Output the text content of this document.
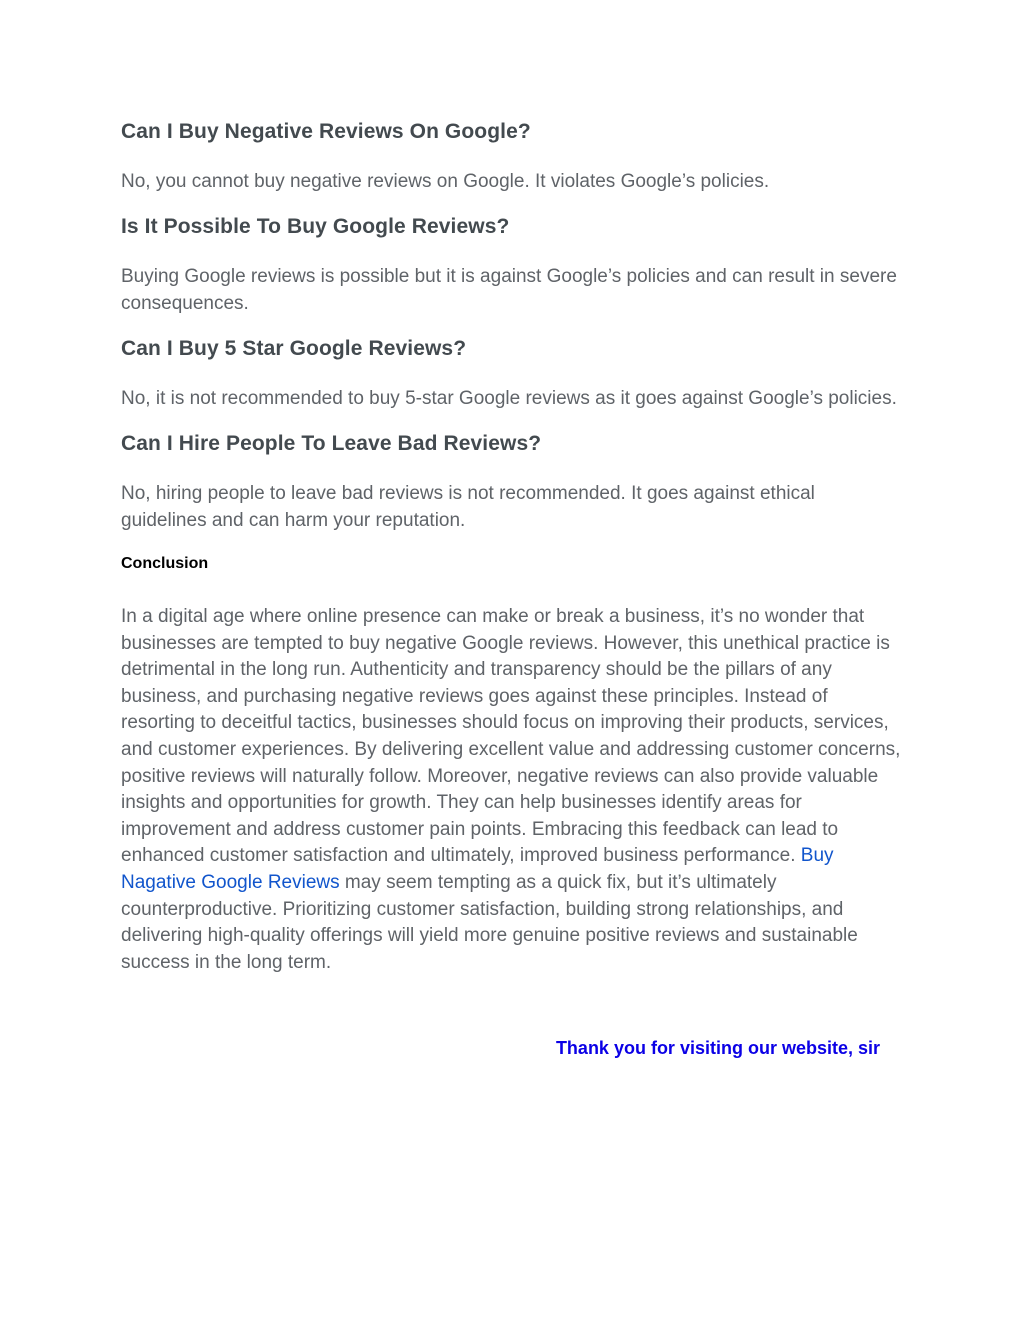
Can I Buy Negative Reviews On Google?

No, you cannot buy negative reviews on Google. It violates Google’s policies.

Is It Possible To Buy Google Reviews?

Buying Google reviews is possible but it is against Google’s policies and can result in severe consequences.

Can I Buy 5 Star Google Reviews?

No, it is not recommended to buy 5-star Google reviews as it goes against Google’s policies.

Can I Hire People To Leave Bad Reviews?

No, hiring people to leave bad reviews is not recommended. It goes against ethical guidelines and can harm your reputation.

Conclusion

In a digital age where online presence can make or break a business, it’s no wonder that businesses are tempted to buy negative Google reviews. However, this unethical practice is detrimental in the long run. Authenticity and transparency should be the pillars of any business, and purchasing negative reviews goes against these principles. Instead of resorting to deceitful tactics, businesses should focus on improving their products, services, and customer experiences. By delivering excellent value and addressing customer concerns, positive reviews will naturally follow. Moreover, negative reviews can also provide valuable insights and opportunities for growth. They can help businesses identify areas for improvement and address customer pain points. Embracing this feedback can lead to enhanced customer satisfaction and ultimately, improved business performance. Buy Nagative Google Reviews may seem tempting as a quick fix, but it’s ultimately counterproductive. Prioritizing customer satisfaction, building strong relationships, and delivering high-quality offerings will yield more genuine positive reviews and sustainable success in the long term.

Thank you for visiting our website, sir
